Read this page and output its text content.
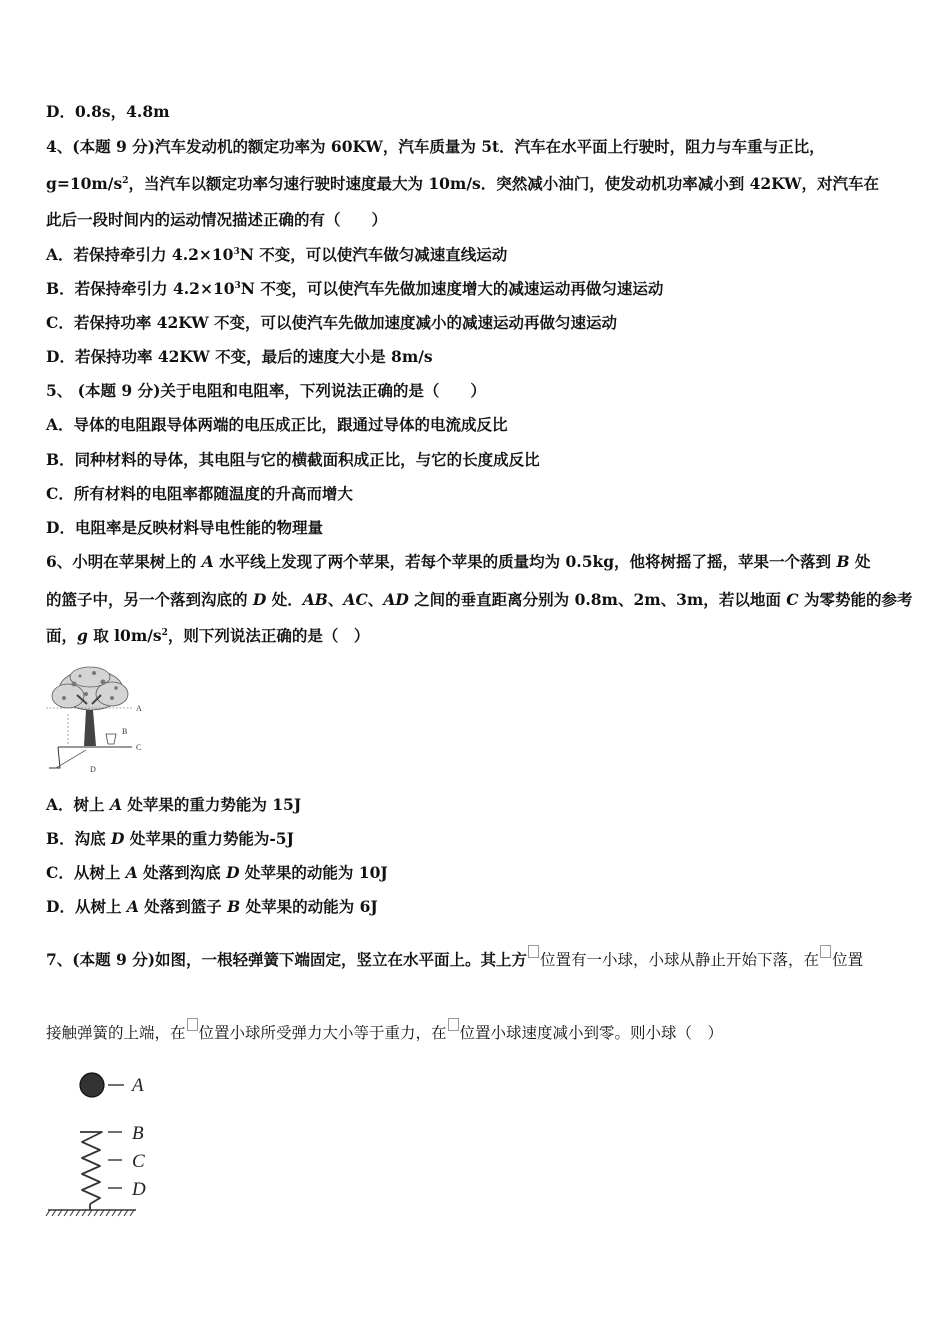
D．0.8s，4.8m
4、(本题 9 分)汽车发动机的额定功率为 60KW，汽车质量为 5t．汽车在水平面上行驶时，阻力与车重与正比，
$g=10m/s^2$，当汽车以额定功率匀速行驶时速度最大为 10m/s．突然减小油门，使发动机功率减小到 42KW，对汽车在
此后一段时间内的运动情况描述正确的有（　　）
A．若保持牵引力 $4.2\times 10^3N$ 不变，可以使汽车做匀减速直线运动
B．若保持牵引力 $4.2\times 10^3N$ 不变，可以使汽车先做加速度增大的减速运动再做匀速运动
C．若保持功率 42KW 不变，可以使汽车先做加速度减小的减速运动再做匀速运动
D．若保持功率 42KW 不变，最后的速度大小是 8m/s
5、 (本题 9 分)关于电阻和电阻率，下列说法正确的是（　　）
A．导体的电阻跟导体两端的电压成正比，跟通过导体的电流成反比
B．同种材料的导体，其电阻与它的横截面积成正比，与它的长度成反比
C．所有材料的电阻率都随温度的升高而增大
D．电阻率是反映材料导电性能的物理量
6、小明在苹果树上的 A 水平线上发现了两个苹果，若每个苹果的质量均为 0.5kg，他将树摇了摇，苹果一个落到 B 处
的篮子中，另一个落到沟底的 D 处．AB、AC、AD 之间的垂直距离分别为 0.8m、2m、3m，若以地面 C 为零势能的参考
面，g 取 $l0m/s^2$，则下列说法正确的是（　）
A
B
C
D
A．树上 A 处苹果的重力势能为 15J
B．沟底 D 处苹果的重力势能为-5J
C．从树上 A 处落到沟底 D 处苹果的动能为 10J
D．从树上 A 处落到篮子 B 处苹果的动能为 6J
7、(本题 9 分)如图，一根轻弹簧下端固定，竖立在水平面上。其上方 位置有一小球，小球从静止开始下落，在 位置
接触弹簧的上端，在 位置小球所受弹力大小等于重力，在 位置小球速度减小到零。则小球（　）
A
B
C
D
